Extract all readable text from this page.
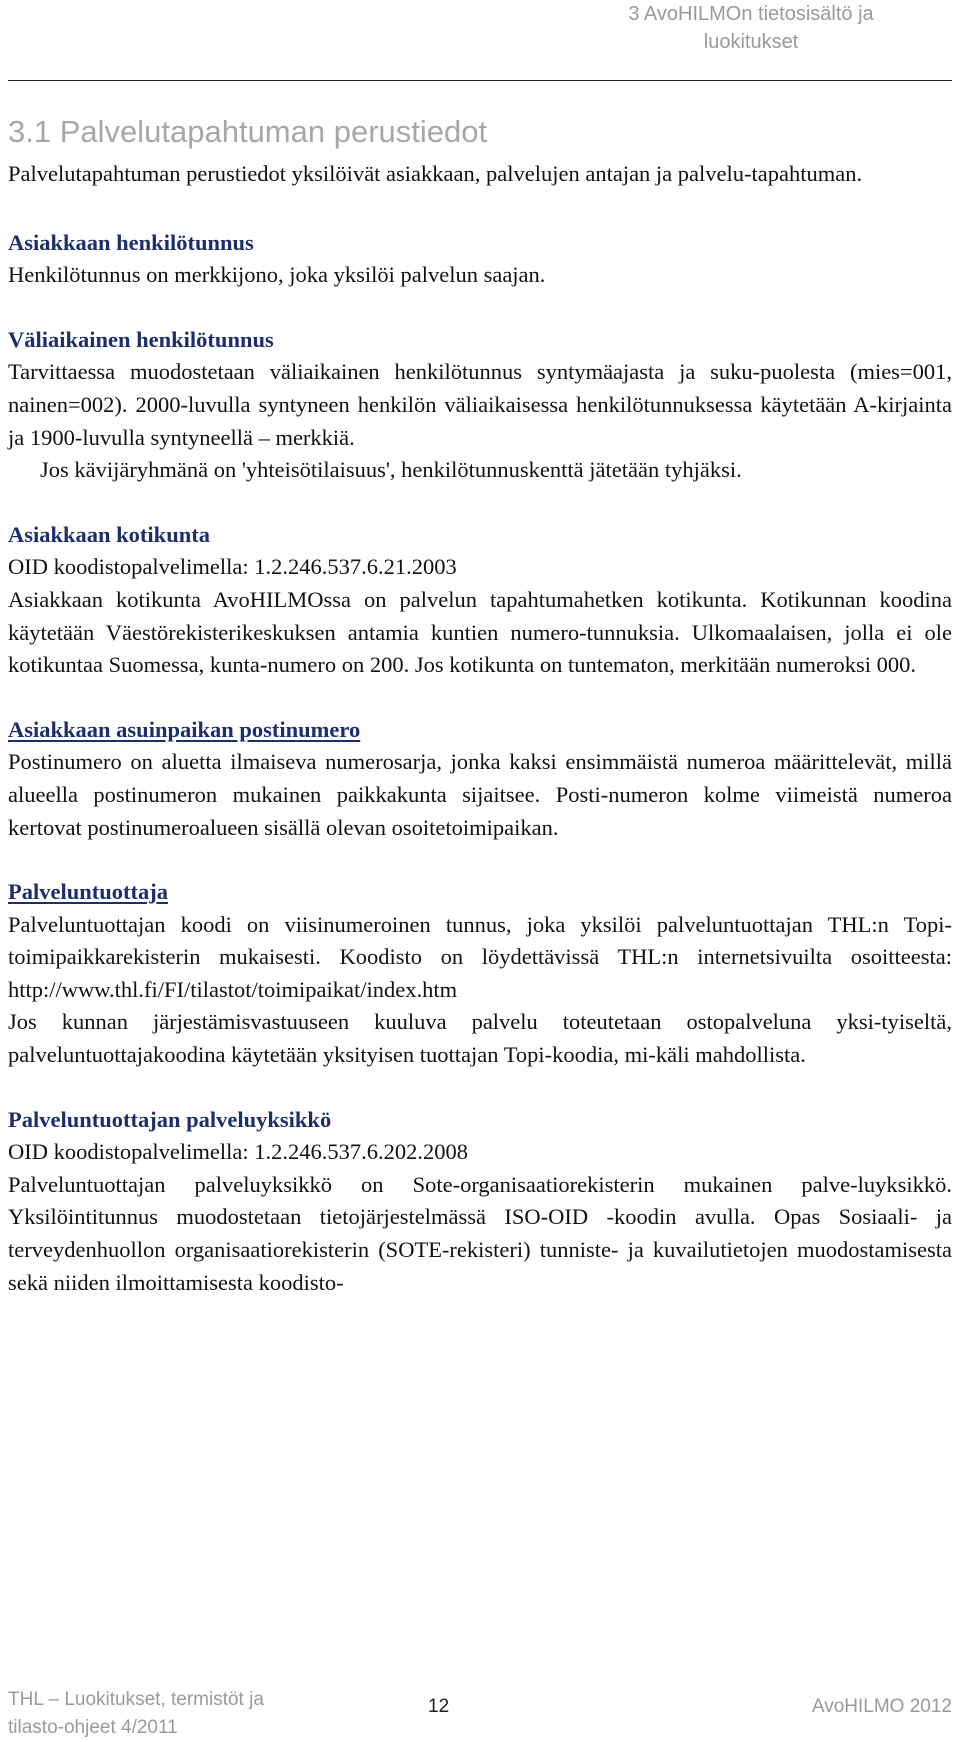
3 AvoHILMOn tietosisältö ja
luokitukset
3.1 Palvelutapahtuman perustiedot

Palvelutapahtuman perustiedot yksilöivät asiakkaan, palvelujen antajan ja palvelu-tapahtuman.

Asiakkaan henkilötunnus

Henkilötunnus on merkkijono, joka yksilöi palvelun saajan.

Väliaikainen henkilötunnus

Tarvittaessa muodostetaan väliaikainen henkilötunnus syntymäajasta ja suku-puolesta (mies=001, nainen=002). 2000-luvulla syntyneen henkilön väliaikaisessa henkilötunnuksessa käytetään A-kirjainta ja 1900-luvulla syntyneellä – merkkiä.

Jos kävijäryhmänä on 'yhteisötilaisuus', henkilötunnuskenttä jätetään tyhjäksi.

Asiakkaan kotikunta

OID koodistopalvelimella: 1.2.246.537.6.21.2003

Asiakkaan kotikunta AvoHILMOssa on palvelun tapahtumahetken kotikunta. Kotikunnan koodina käytetään Väestörekisterikeskuksen antamia kuntien numero-tunnuksia. Ulkomaalaisen, jolla ei ole kotikuntaa Suomessa, kunta-numero on 200. Jos kotikunta on tuntematon, merkitään numeroksi 000.

Asiakkaan asuinpaikan postinumero

Postinumero on aluetta ilmaiseva numerosarja, jonka kaksi ensimmäistä numeroa määrittelevät, millä alueella postinumeron mukainen paikkakunta sijaitsee. Posti-numeron kolme viimeistä numeroa kertovat postinumeroalueen sisällä olevan osoitetoimipaikan.

Palveluntuottaja

Palveluntuottajan koodi on viisinumeroinen tunnus, joka yksilöi palveluntuottajan THL:n Topi-toimipaikkarekisterin mukaisesti. Koodisto on löydettävissä THL:n internetsivuilta osoitteesta: http://www.thl.fi/FI/tilastot/toimipaikat/index.htm

Jos kunnan järjestämisvastuuseen kuuluva palvelu toteutetaan ostopalveluna yksi-tyiseltä, palveluntuottajakoodina käytetään yksityisen tuottajan Topi-koodia, mi-käli mahdollista.

Palveluntuottajan palveluyksikkö

OID koodistopalvelimella: 1.2.246.537.6.202.2008

Palveluntuottajan palveluyksikkö on Sote-organisaatiorekisterin mukainen palve-luyksikkö. Yksilöintitunnus muodostetaan tietojärjestelmässä ISO-OID -koodin avulla. Opas Sosiaali- ja terveydenhuollon organisaatiorekisterin (SOTE-rekisteri) tunniste- ja kuvailutietojen muodostamisesta sekä niiden ilmoittamisesta koodisto-

THL – Luokitukset, termistöt ja
tilasto-ohjeet 4/2011
12	AvoHILMO 2012
